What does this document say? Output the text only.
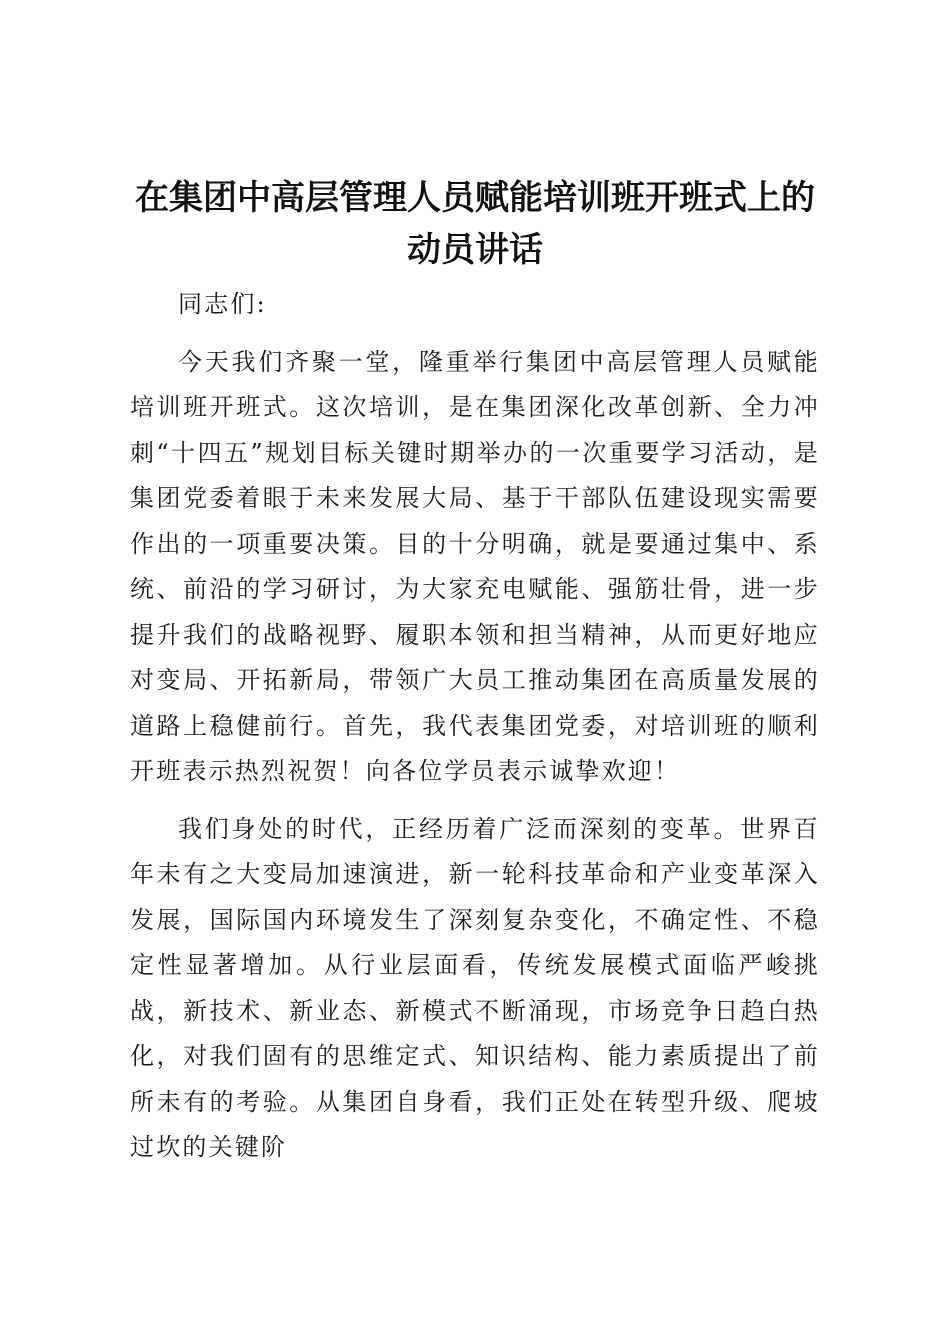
在集团中高层管理人员赋能培训班开班式上的
动员讲话

同志们:

今天我们齐聚一堂，隆重举行集团中高层管理人员赋能培训班开班式。这次培训，是在集团深化改革创新、全力冲刺“十四五”规划目标关键时期举办的一次重要学习活动，是集团党委着眼于未来发展大局、基于干部队伍建设现实需要作出的一项重要决策。目的十分明确，就是要通过集中、系统、前沿的学习研讨，为大家充电赋能、强筋壮骨，进一步提升我们的战略视野、履职本领和担当精神，从而更好地应对变局、开拓新局，带领广大员工推动集团在高质量发展的道路上稳健前行。首先，我代表集团党委，对培训班的顺利开班表示热烈祝贺！向各位学员表示诚挚欢迎！

我们身处的时代，正经历着广泛而深刻的变革。世界百年未有之大变局加速演进，新一轮科技革命和产业变革深入发展，国际国内环境发生了深刻复杂变化，不确定性、不稳定性显著增加。从行业层面看，传统发展模式面临严峻挑战，新技术、新业态、新模式不断涌现，市场竞争日趋白热化，对我们固有的思维定式、知识结构、能力素质提出了前所未有的考验。从集团自身看，我们正处在转型升级、爬坡过坎的关键阶
